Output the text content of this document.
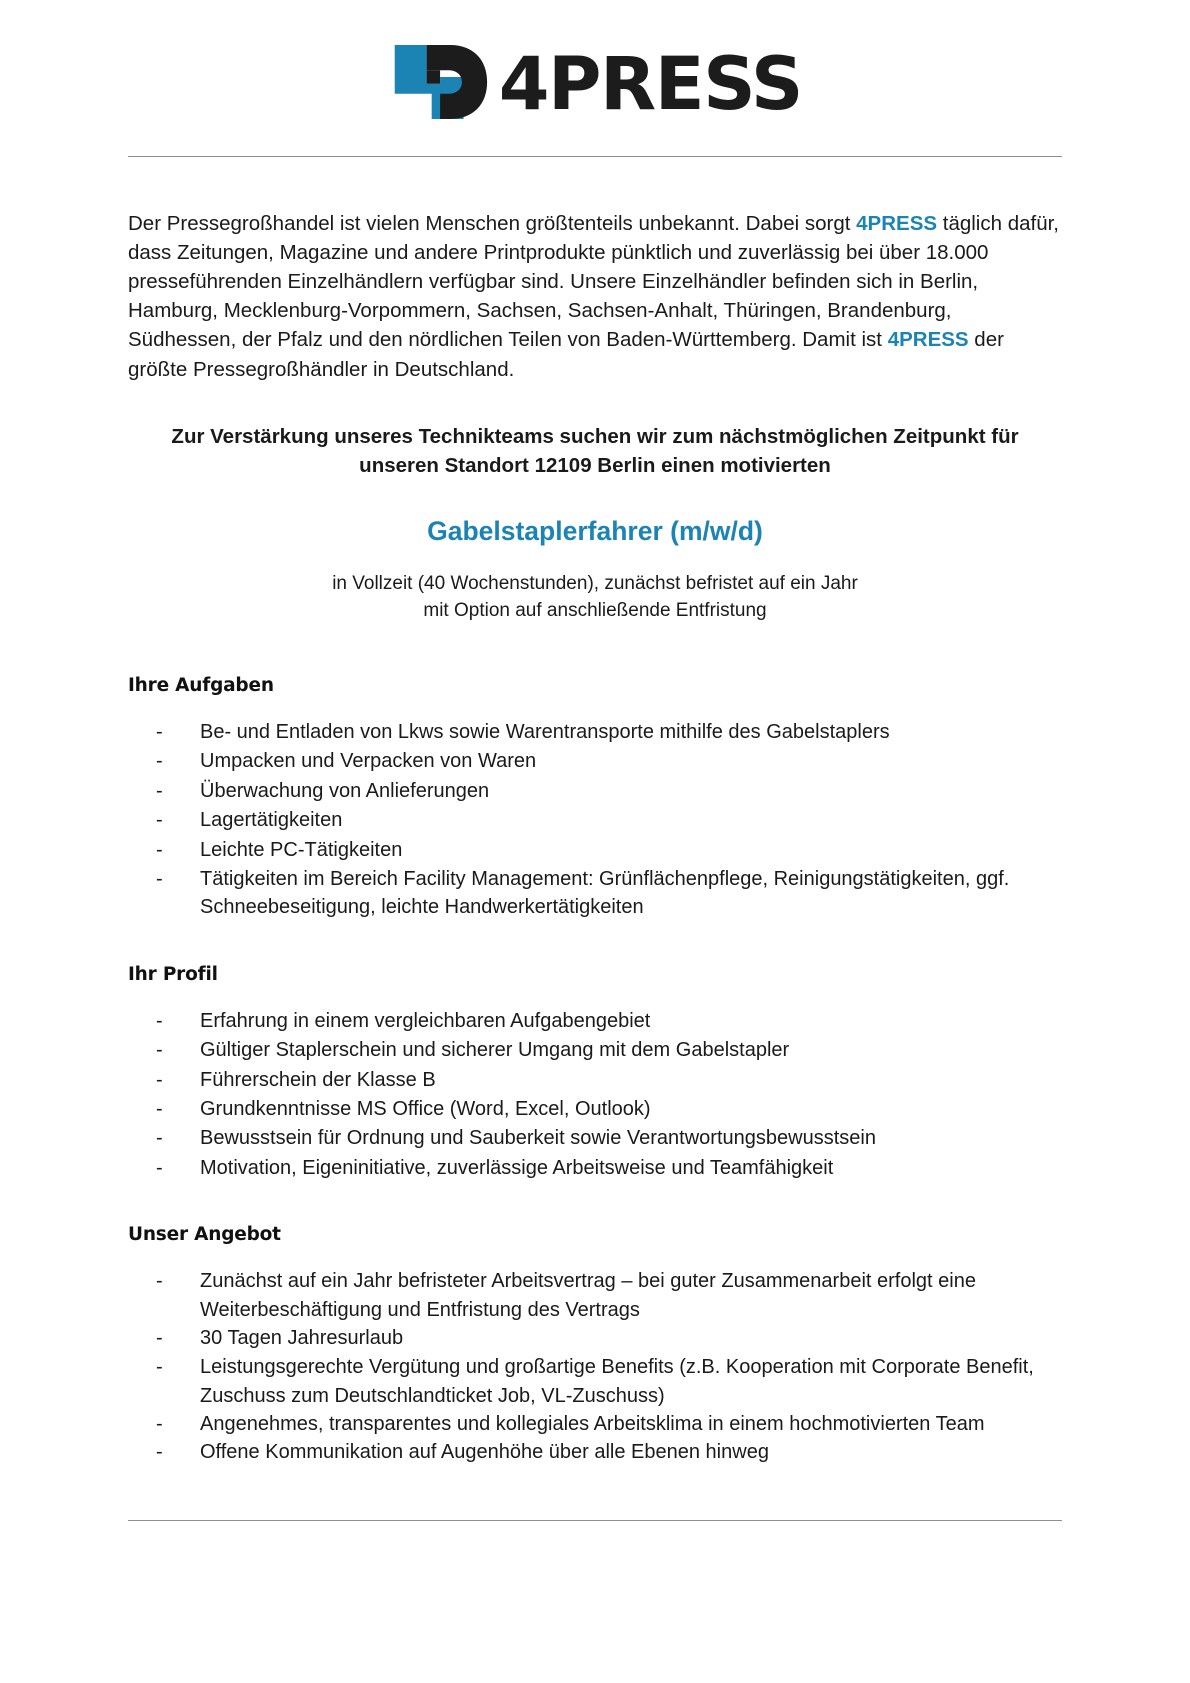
4PRESS

Der Pressegroßhandel ist vielen Menschen größtenteils unbekannt. Dabei sorgt 4PRESS täglich dafür, dass Zeitungen, Magazine und andere Printprodukte pünktlich und zuverlässig bei über 18.000 presseführenden Einzelhändlern verfügbar sind. Unsere Einzelhändler befinden sich in Berlin, Hamburg, Mecklenburg-Vorpommern, Sachsen, Sachsen-Anhalt, Thüringen, Brandenburg, Südhessen, der Pfalz und den nördlichen Teilen von Baden-Württemberg. Damit ist 4PRESS der größte Pressegroßhändler in Deutschland.

Zur Verstärkung unseres Technikteams suchen wir zum nächstmöglichen Zeitpunkt für
unseren Standort 12109 Berlin einen motivierten
Gabelstaplerfahrer (m/w/d)
in Vollzeit (40 Wochenstunden), zunächst befristet auf ein Jahr
mit Option auf anschließende Entfristung
Ihre Aufgaben
- Be- und Entladen von Lkws sowie Warentransporte mithilfe des Gabelstaplers
- Umpacken und Verpacken von Waren
- Überwachung von Anlieferungen
- Lagertätigkeiten
- Leichte PC-Tätigkeiten
- Tätigkeiten im Bereich Facility Management: Grünflächenpflege, Reinigungstätigkeiten, ggf. Schneebeseitigung, leichte Handwerkertätigkeiten
Ihr Profil
- Erfahrung in einem vergleichbaren Aufgabengebiet
- Gültiger Staplerschein und sicherer Umgang mit dem Gabelstapler
- Führerschein der Klasse B
- Grundkenntnisse MS Office (Word, Excel, Outlook)
- Bewusstsein für Ordnung und Sauberkeit sowie Verantwortungsbewusstsein
- Motivation, Eigeninitiative, zuverlässige Arbeitsweise und Teamfähigkeit
Unser Angebot
- Zunächst auf ein Jahr befristeter Arbeitsvertrag – bei guter Zusammenarbeit erfolgt eine Weiterbeschäftigung und Entfristung des Vertrags
- 30 Tagen Jahresurlaub
- Leistungsgerechte Vergütung und großartige Benefits (z.B. Kooperation mit Corporate Benefit, Zuschuss zum Deutschlandticket Job, VL-Zuschuss)
- Angenehmes, transparentes und kollegiales Arbeitsklima in einem hochmotivierten Team
- Offene Kommunikation auf Augenhöhe über alle Ebenen hinweg
